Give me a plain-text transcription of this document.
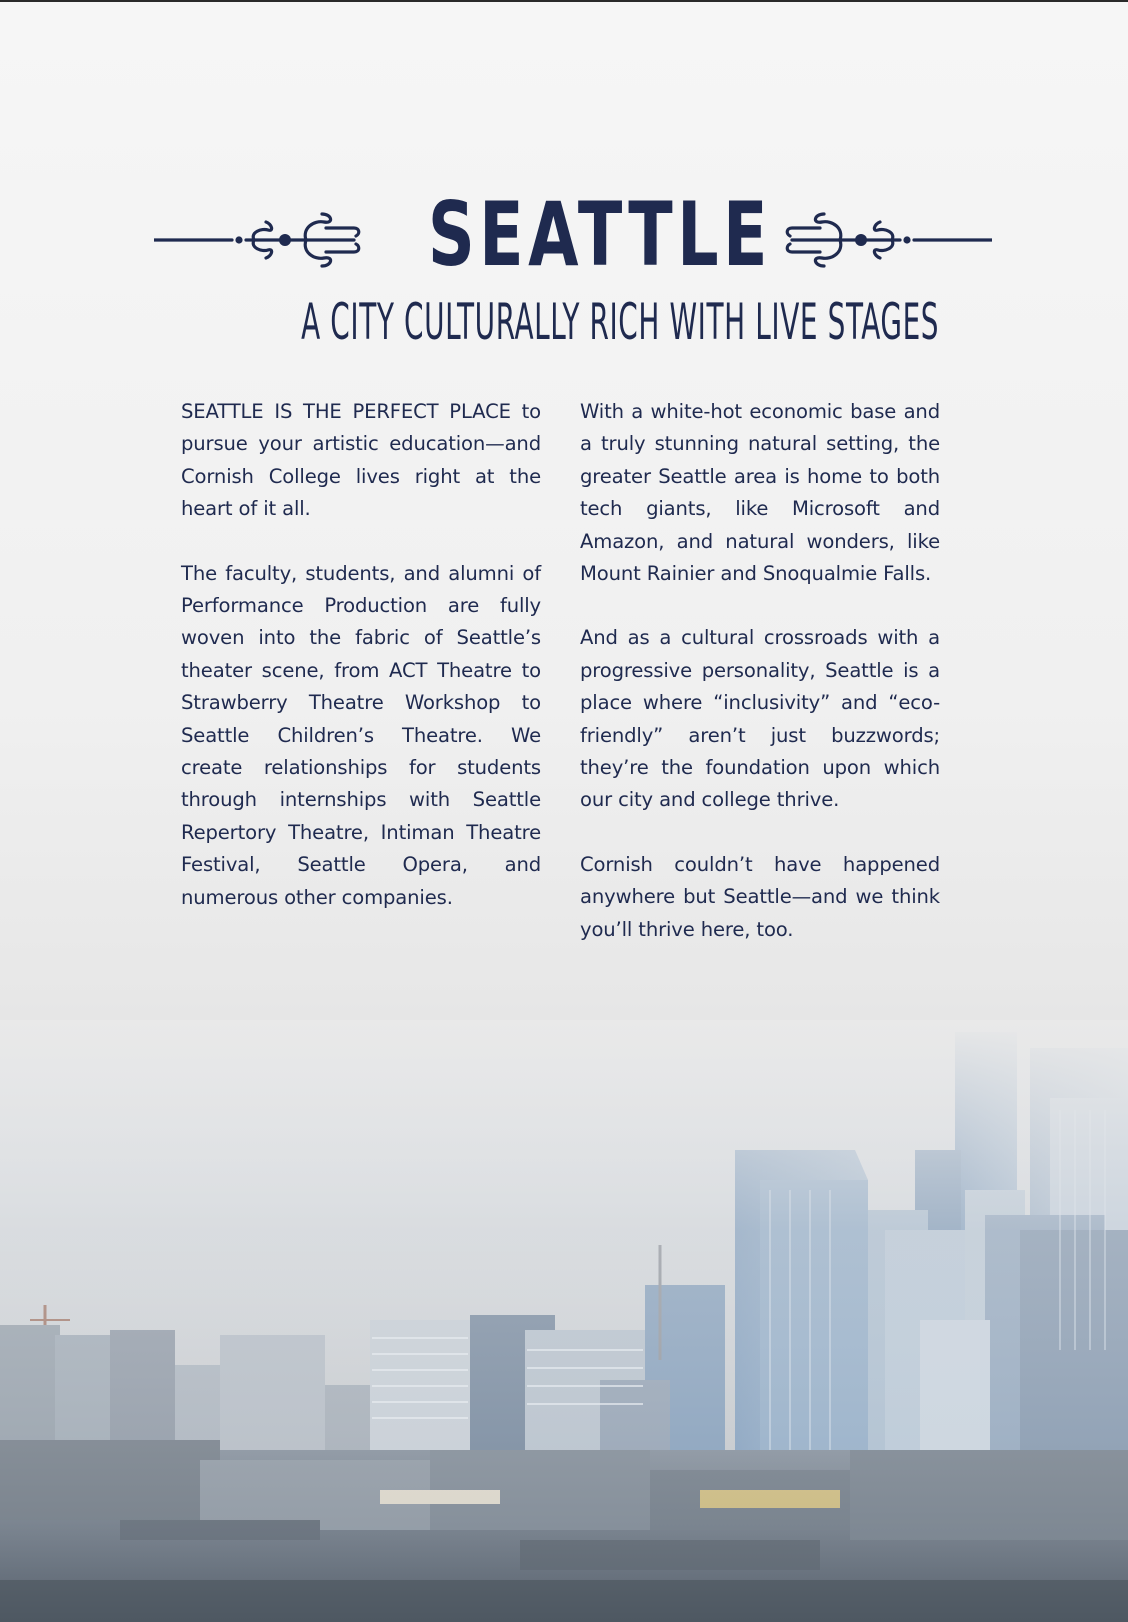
SEATTLE
A CITY CULTURALLY RICH WITH LIVE STAGES

SEATTLE IS THE PERFECT PLACE to pursue your artistic education—and Cornish College lives right at the heart of it all.

The faculty, students, and alumni of Performance Production are fully woven into the fabric of Seattle’s theater scene, from ACT Theatre to Strawberry Theatre Workshop to Seattle Children’s Theatre. We create relationships for students through internships with Seattle Repertory Theatre, Intiman Theatre Festival, Seattle Opera, and numerous other companies.

With a white-hot economic base and a truly stunning natural setting, the greater Seattle area is home to both tech giants, like Microsoft and Amazon, and natural wonders, like Mount Rainier and Snoqualmie Falls.

And as a cultural crossroads with a progressive personality, Seattle is a place where “inclusivity” and “eco-friendly” aren’t just buzzwords; they’re the foundation upon which our city and college thrive.

Cornish couldn’t have happened anywhere but Seattle—and we think you’ll thrive here, too.
